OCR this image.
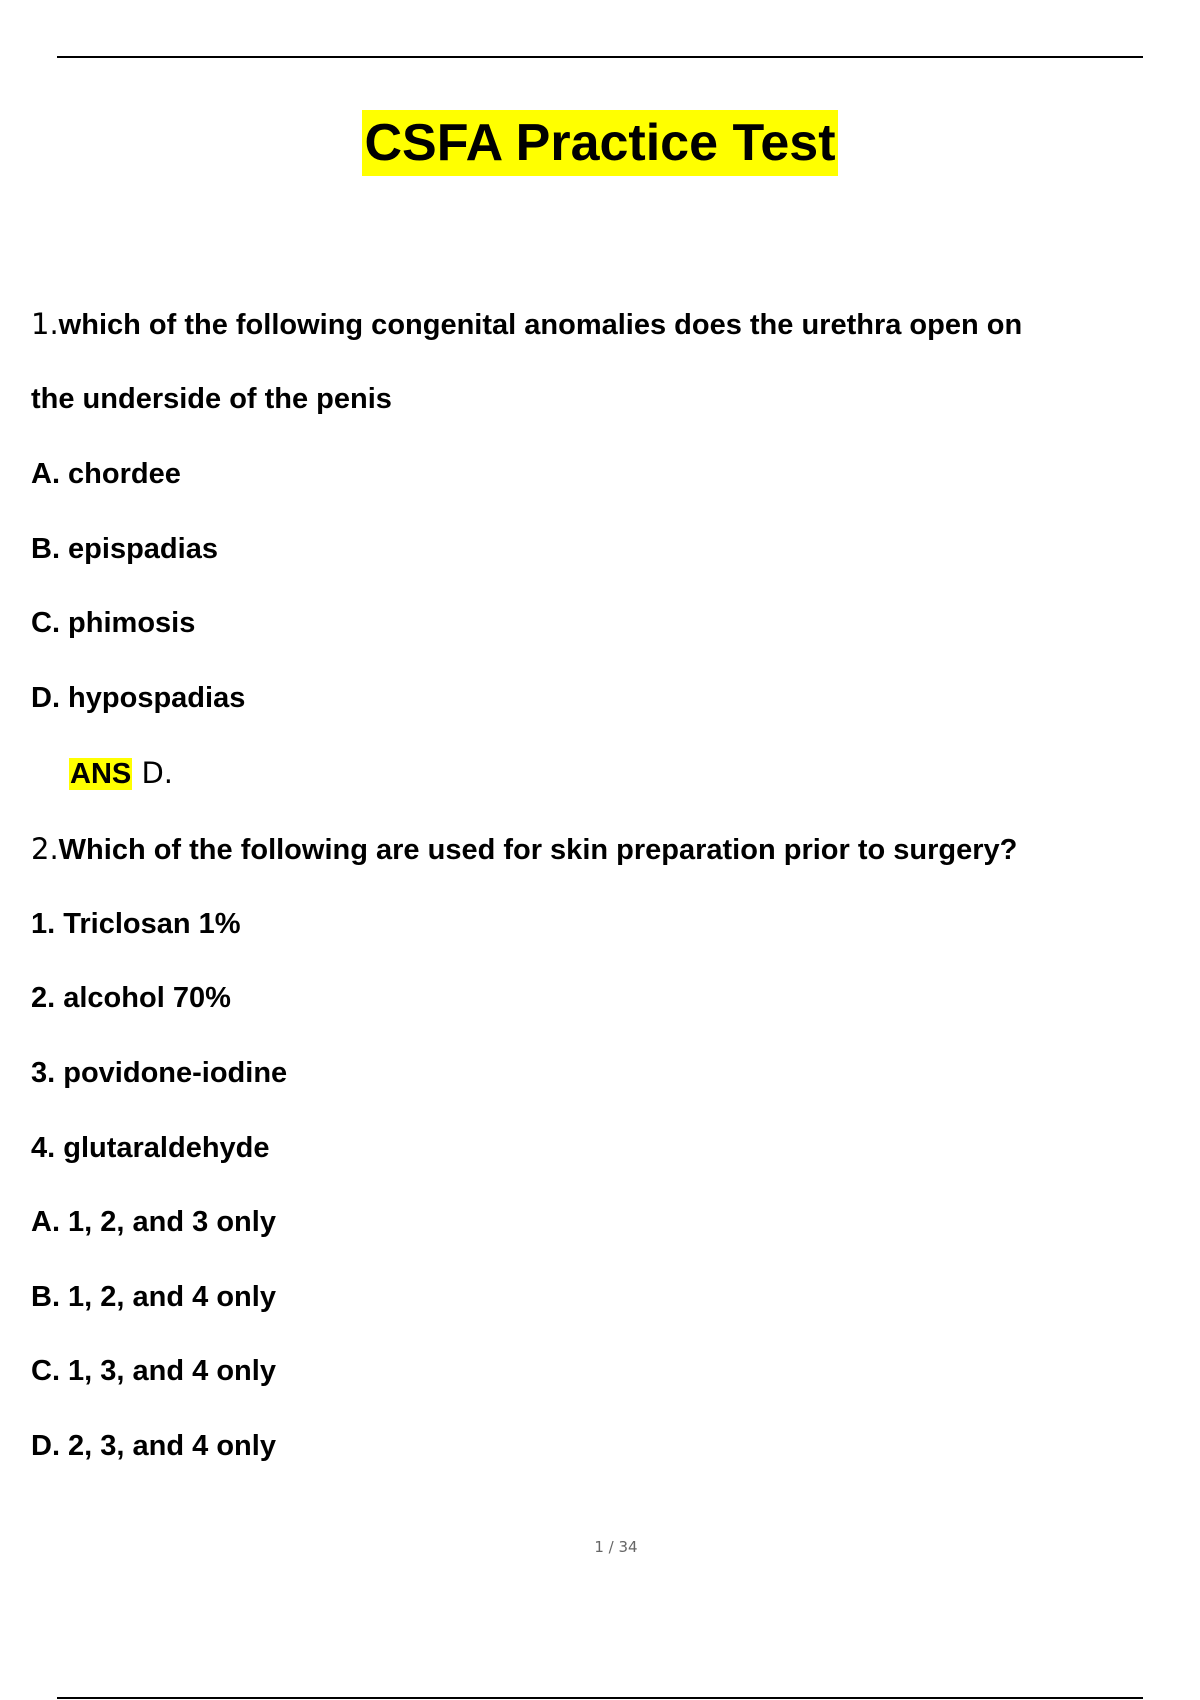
CSFA Practice Test
1.which of the following congenital anomalies does the urethra open on
the underside of the penis
A. chordee
B. epispadias
C. phimosis
D. hypospadias
ANS D.
2.Which of the following are used for skin preparation prior to surgery?
1. Triclosan 1%
2. alcohol 70%
3. povidone-iodine
4. glutaraldehyde
A. 1, 2, and 3 only
B. 1, 2, and 4 only
C. 1, 3, and 4 only
D. 2, 3, and 4 only
1 / 34
